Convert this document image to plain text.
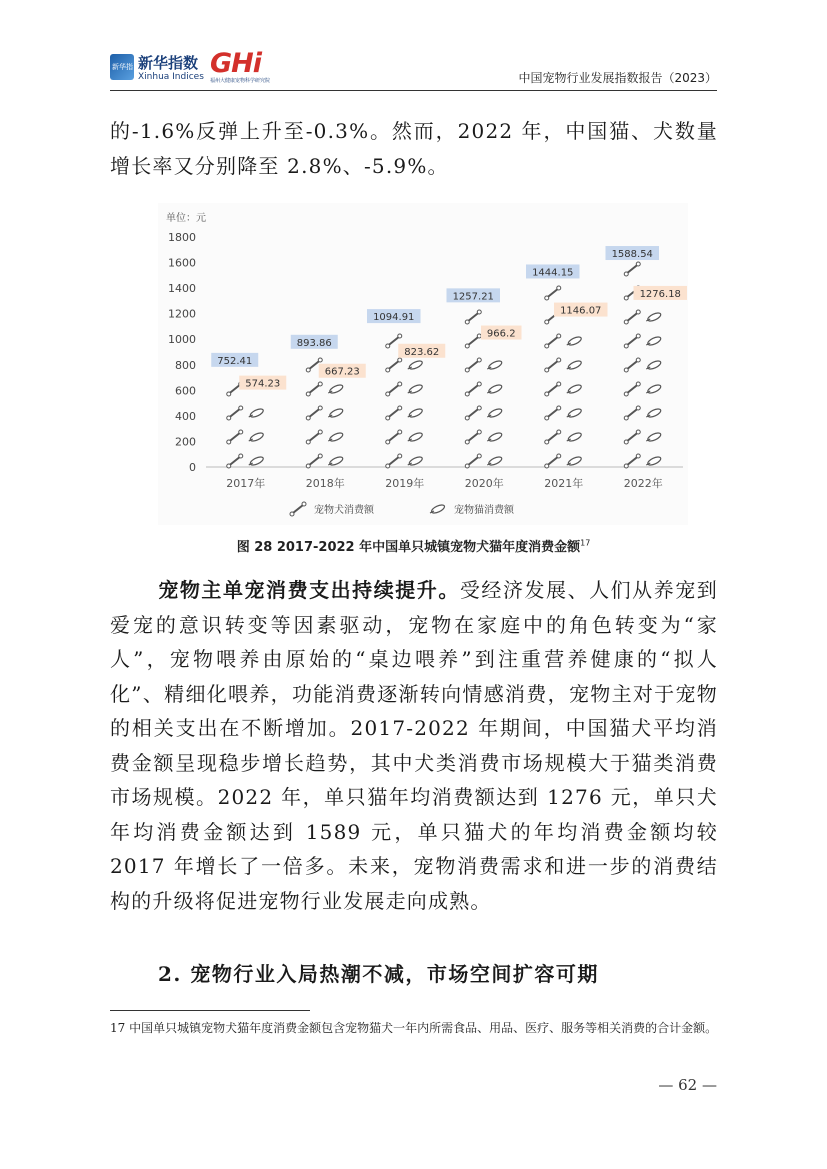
新华指 新华指数
Xinhua Indices GHi
福州大健康宠物科学研究院	中国宠物行业发展指数报告（2023）
的-1.6%反弹上升至-0.3%。然而，2022 年，中国猫、犬数量增长率又分别降至 2.8%、-5.9%。
单位：元
0
200
400
600
800
1000
1200
1400
1600
1800
752.41
574.23
893.86
667.23
1094.91
823.62
1257.21
966.2
1444.15
1146.07
1588.54
1276.18
2017年	2018年	2019年	2020年	2021年	2022年
宠物犬消费额	宠物猫消费额
图 28 2017-2022 年中国单只城镇宠物犬猫年度消费金额$^{17}$
宠物主单宠消费支出持续提升。受经济发展、人们从养宠到爱宠的意识转变等因素驱动，宠物在家庭中的角色转变为“家人”，宠物喂养由原始的“桌边喂养”到注重营养健康的“拟人化”、精细化喂养，功能消费逐渐转向情感消费，宠物主对于宠物的相关支出在不断增加。2017-2022 年期间，中国猫犬平均消费金额呈现稳步增长趋势，其中犬类消费市场规模大于猫类消费市场规模。2022 年，单只猫年均消费额达到 1276 元，单只犬年均消费金额达到 1589 元，单只猫犬的年均消费金额均较 2017 年增长了一倍多。未来，宠物消费需求和进一步的消费结构的升级将促进宠物行业发展走向成熟。
2. 宠物行业入局热潮不减，市场空间扩容可期
17 中国单只城镇宠物犬猫年度消费金额包含宠物猫犬一年内所需食品、用品、医疗、服务等相关消费的合计金额。
— 62 —
